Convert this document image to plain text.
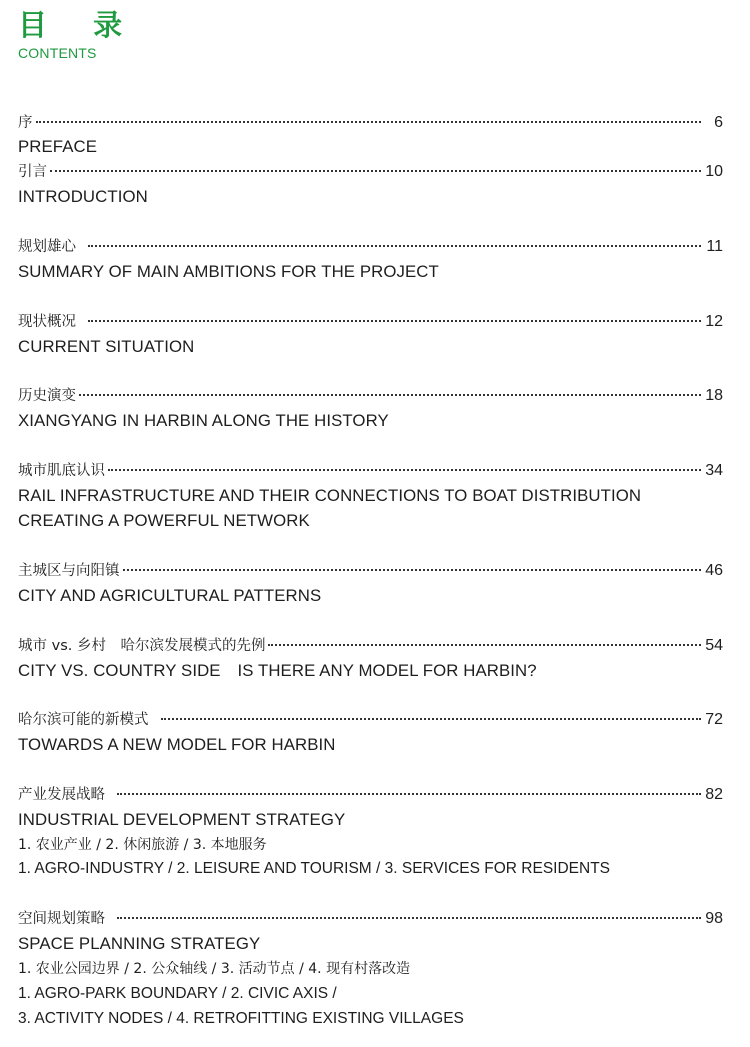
目 录
CONTENTS
序	6
PREFACE
引言	10
INTRODUCTION
规划雄心	11
SUMMARY OF MAIN AMBITIONS FOR THE PROJECT
现状概况	12
CURRENT SITUATION
历史演变	18
XIANGYANG IN HARBIN ALONG THE HISTORY
城市肌底认识	34
RAIL INFRASTRUCTURE AND THEIR CONNECTIONS TO BOAT DISTRIBUTION
CREATING A POWERFUL NETWORK
主城区与向阳镇	46
CITY AND AGRICULTURAL PATTERNS
城市 vs. 乡村　哈尔滨发展模式的先例	54
CITY VS. COUNTRY SIDE　IS THERE ANY MODEL FOR HARBIN?
哈尔滨可能的新模式	72
TOWARDS A NEW MODEL FOR HARBIN
产业发展战略	82
INDUSTRIAL DEVELOPMENT STRATEGY
1. 农业产业 / 2. 休闲旅游 / 3. 本地服务
1. AGRO-INDUSTRY / 2. LEISURE AND TOURISM / 3. SERVICES FOR RESIDENTS
空间规划策略	98
SPACE PLANNING STRATEGY
1. 农业公园边界 / 2. 公众轴线 / 3. 活动节点 / 4. 现有村落改造
1. AGRO-PARK BOUNDARY / 2. CIVIC AXIS /
3. ACTIVITY NODES / 4. RETROFITTING EXISTING VILLAGES
